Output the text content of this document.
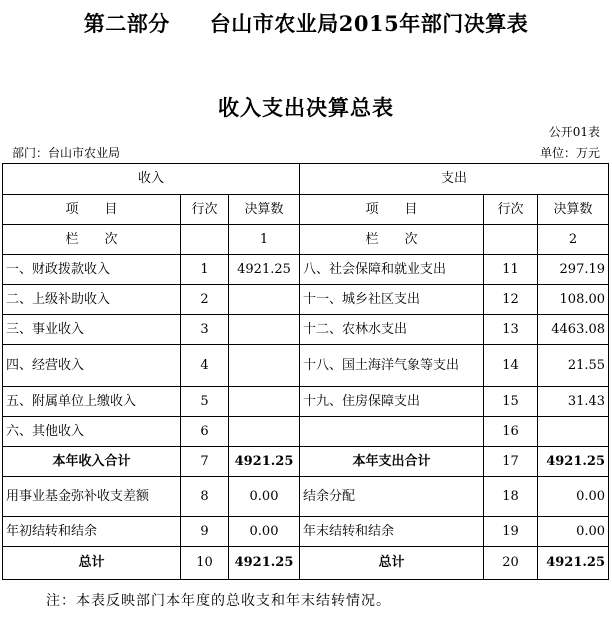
第二部分 台山市农业局2015年部门决算表
收入支出决算总表
公开01表
部门：台山市农业局	单位：万元
收入			支出		
项　　目	行次	决算数	项　　目	行次	决算数
栏　　次		1	栏　　次		2
一、财政拨款收入	1	4921.25	八、社会保障和就业支出	11	297.19
二、上级补助收入	2		十一、城乡社区支出	12	108.00
三、事业收入	3		十二、农林水支出	13	4463.08
四、经营收入	4		十八、国土海洋气象等支出	14	21.55
五、附属单位上缴收入	5		十九、住房保障支出	15	31.43
六、其他收入	6			16	
本年收入合计	7	4921.25	本年支出合计	17	4921.25
用事业基金弥补收支差额	8	0.00	结余分配	18	0.00
年初结转和结余	9	0.00	年末结转和结余	19	0.00
总计	10	4921.25	总计	20	4921.25
注：本表反映部门本年度的总收支和年末结转情况。
